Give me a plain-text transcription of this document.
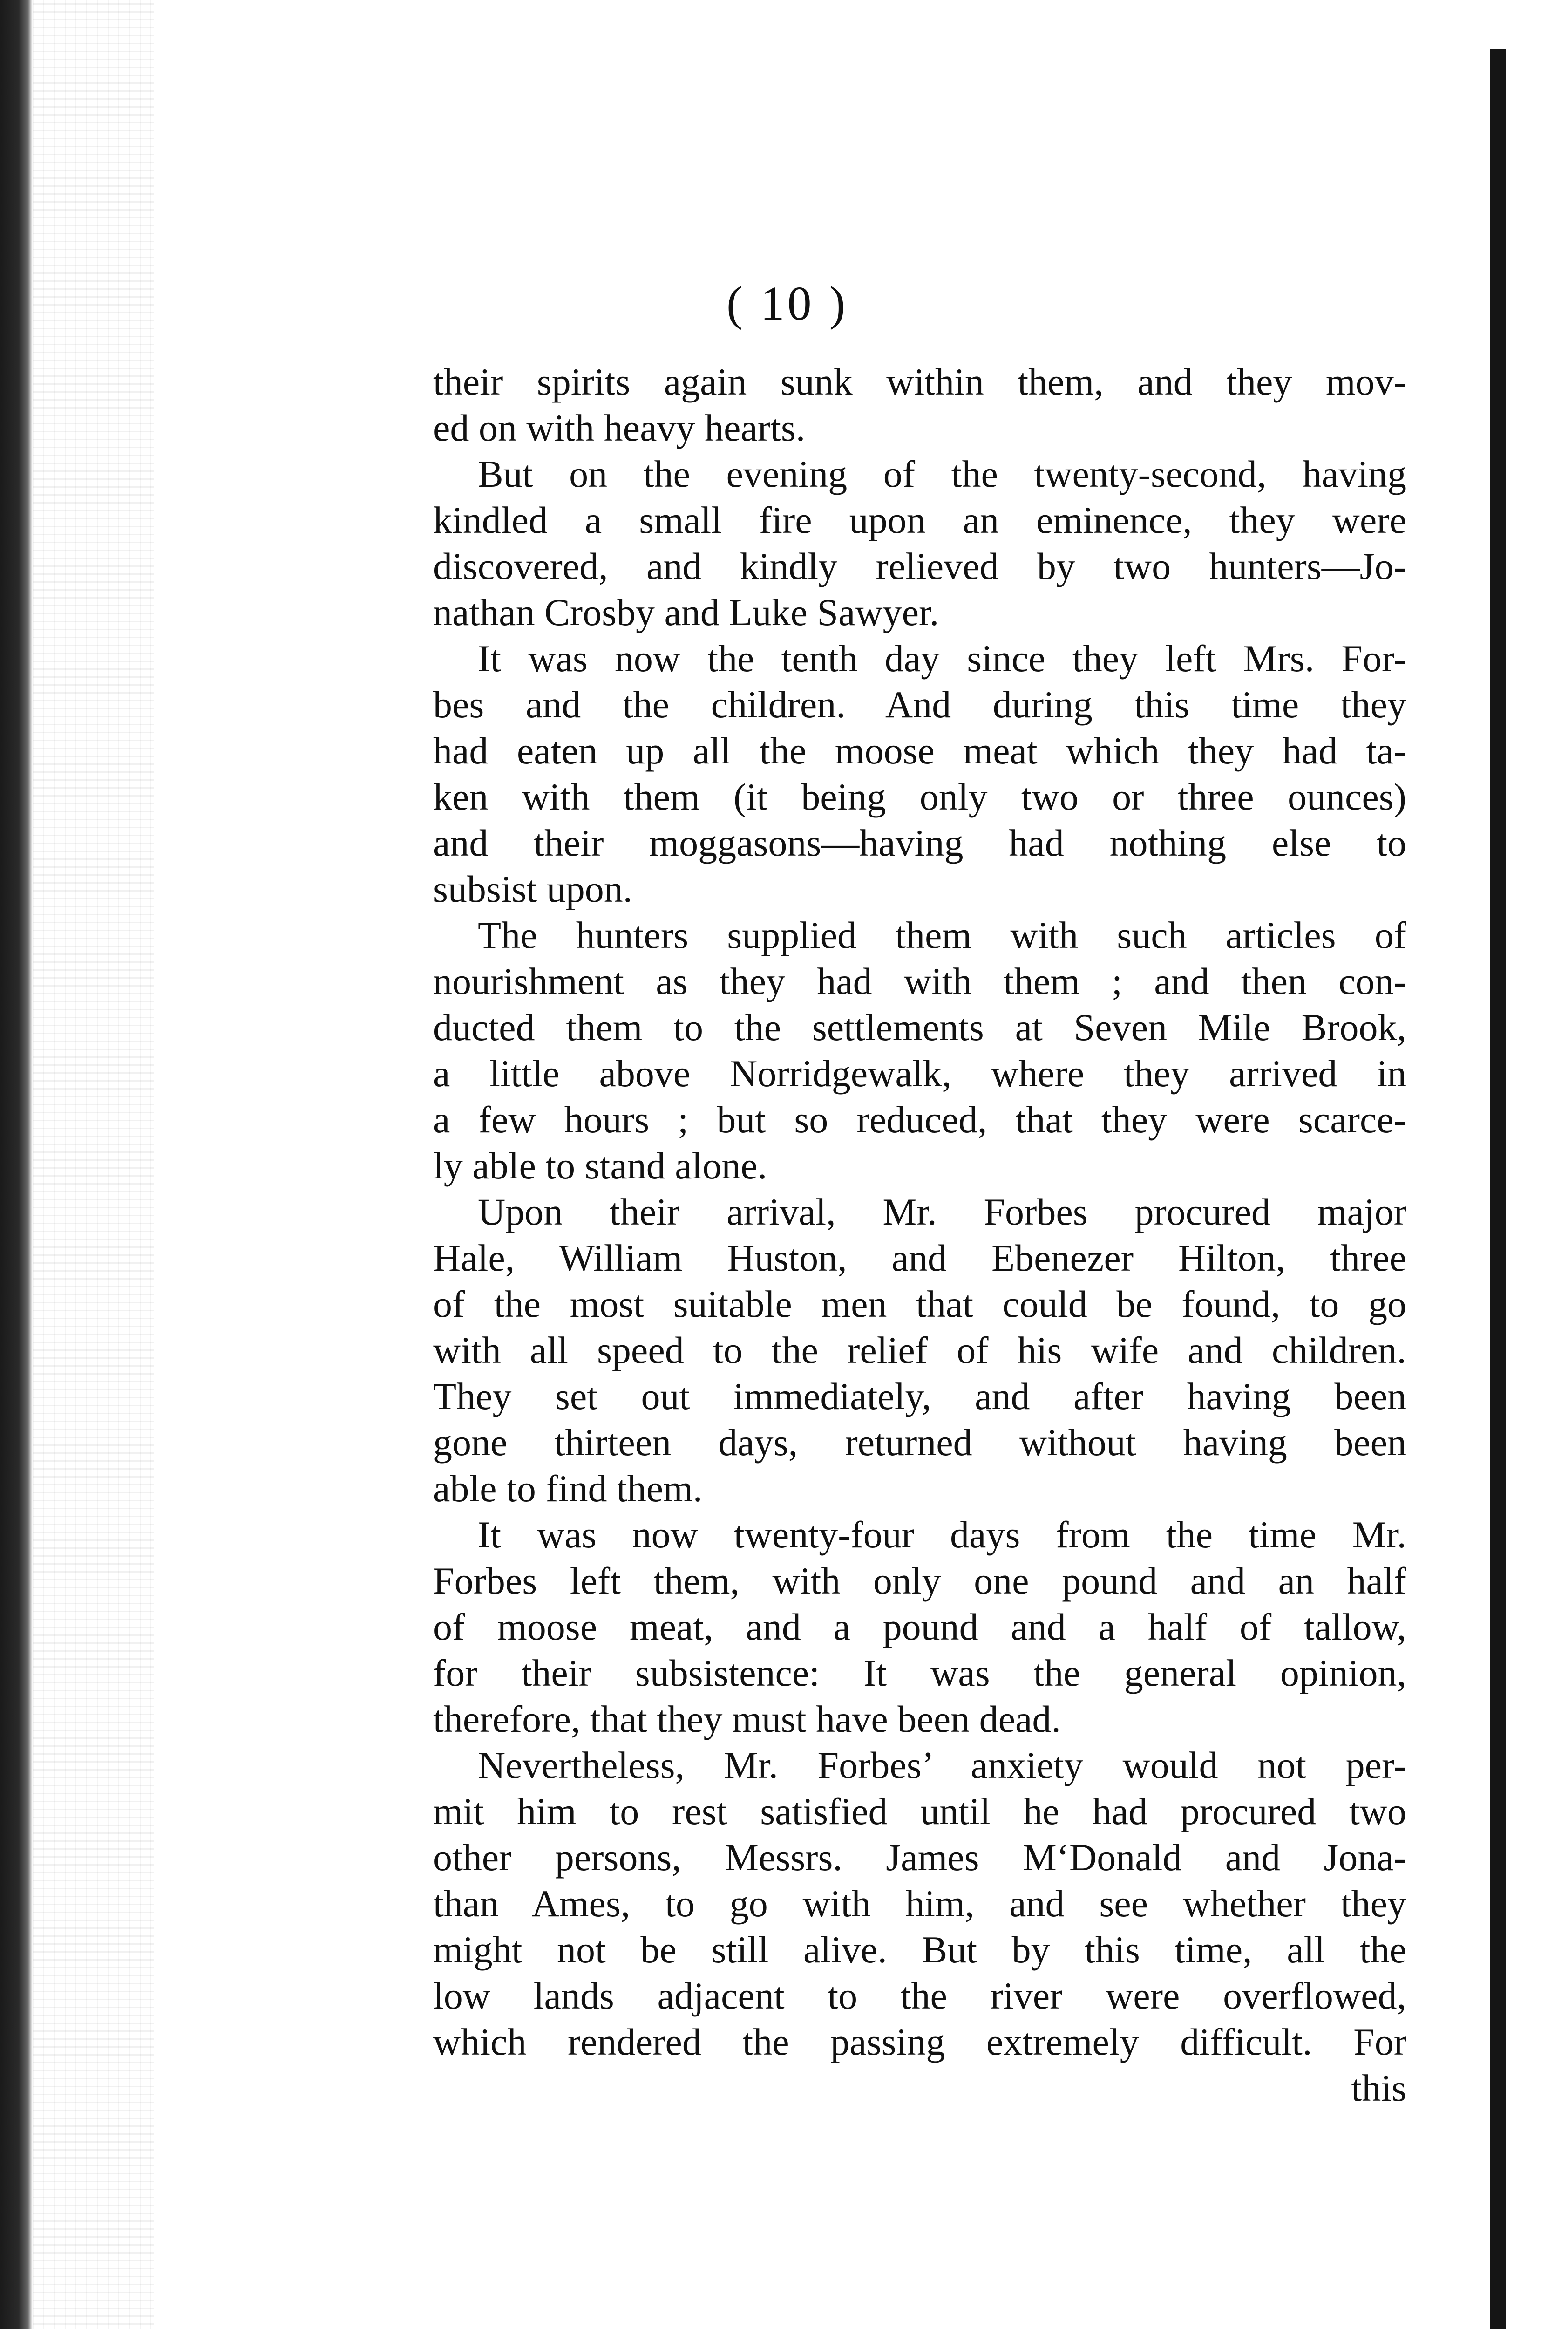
( 10 )
their spirits again sunk within them, and they mov-
ed on with heavy hearts.
But on the evening of the twenty-second, having
kindled a small fire upon an eminence, they were
discovered, and kindly relieved by two hunters—Jo-
nathan Crosby and Luke Sawyer.
It was now the tenth day since they left Mrs. For-
bes and the children. And during this time they
had eaten up all the moose meat which they had ta-
ken with them (it being only two or three ounces)
and their moggasons—having had nothing else to
subsist upon.
The hunters supplied them with such articles of
nourishment as they had with them ; and then con-
ducted them to the settlements at Seven Mile Brook,
a little above Norridgewalk, where they arrived in
a few hours ; but so reduced, that they were scarce-
ly able to stand alone.
Upon their arrival, Mr. Forbes procured major
Hale, William Huston, and Ebenezer Hilton, three
of the most suitable men that could be found, to go
with all speed to the relief of his wife and children.
They set out immediately, and after having been
gone thirteen days, returned without having been
able to find them.
It was now twenty-four days from the time Mr.
Forbes left them, with only one pound and an half
of moose meat, and a pound and a half of tallow,
for their subsistence: It was the general opinion,
therefore, that they must have been dead.
Nevertheless, Mr. Forbes’ anxiety would not per-
mit him to rest satisfied until he had procured two
other persons, Messrs. James M‘Donald and Jona-
than Ames, to go with him, and see whether they
might not be still alive. But by this time, all the
low lands adjacent to the river were overflowed,
which rendered the passing extremely difficult. For
this
